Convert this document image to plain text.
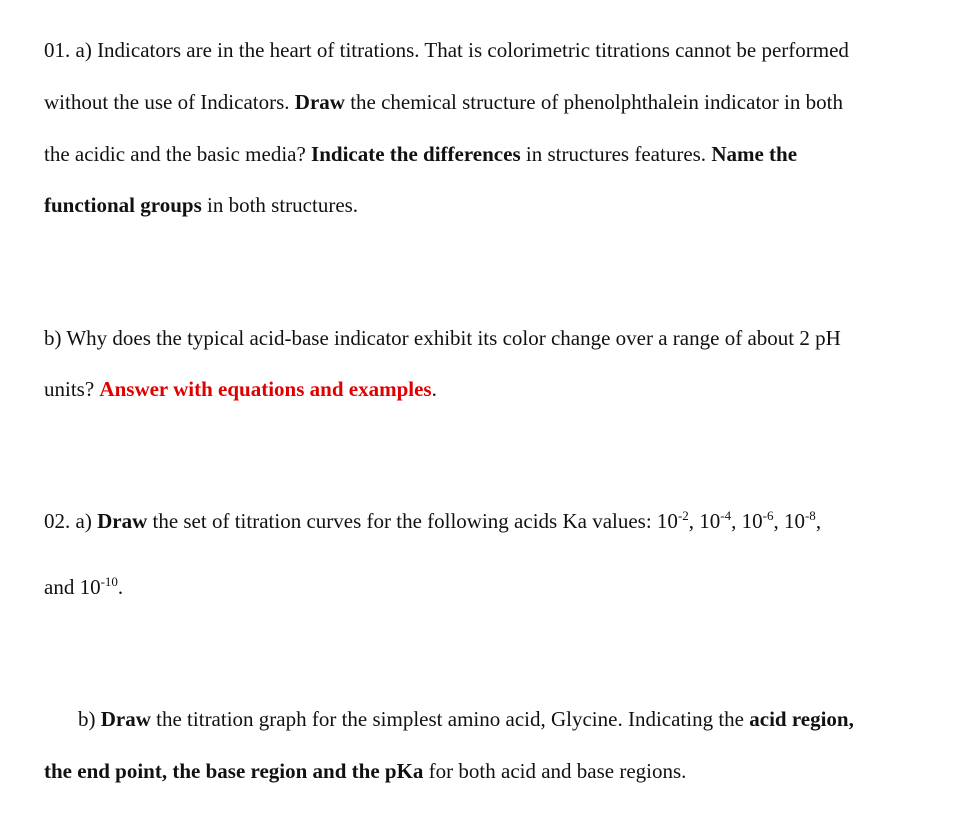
01. a) Indicators are in the heart of titrations. That is colorimetric titrations cannot be performed
without the use of Indicators. Draw the chemical structure of phenolphthalein indicator in both
the acidic and the basic media? Indicate the differences in structures features. Name the
functional groups in both structures.
b) Why does the typical acid-base indicator exhibit its color change over a range of about 2 pH
units? Answer with equations and examples.
02. a) Draw the set of titration curves for the following acids Ka values: $10^{-2}$, $10^{-4}$, $10^{-6}$, $10^{-8}$,
and $10^{-10}$.
b) Draw the titration graph for the simplest amino acid, Glycine. Indicating the acid region,
the end point, the base region and the pKa for both acid and base regions.
